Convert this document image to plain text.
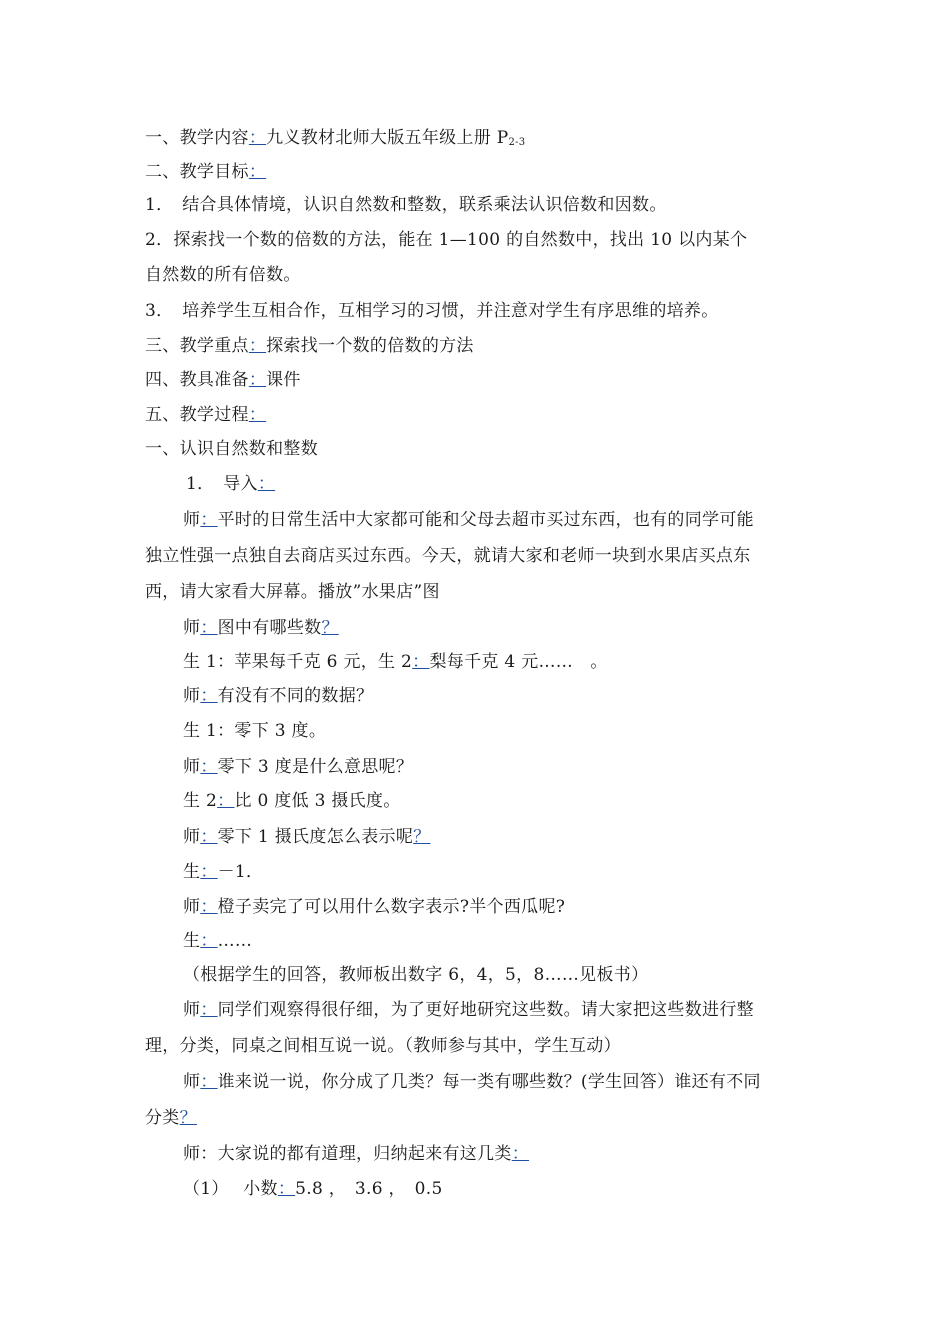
一、教学内容：九义教材北师大版五年级上册 $P_{2-3}$
二、教学目标：
1．　结合具体情境，认识自然数和整数，联系乘法认识倍数和因数。
2．探索找一个数的倍数的方法，能在 1—100 的自然数中，找出 10 以内某个
自然数的所有倍数。
3．　培养学生互相合作，互相学习的习惯，并注意对学生有序思维的培养。
三、教学重点：探索找一个数的倍数的方法
四、教具准备：课件
五、教学过程：
一、认识自然数和整数
1．　导入：
师：平时的日常生活中大家都可能和父母去超市买过东西，也有的同学可能
独立性强一点独自去商店买过东西。今天，就请大家和老师一块到水果店买点东
西，请大家看大屏幕。播放”水果店”图
师：图中有哪些数？
生 1：苹果每千克 6 元，生 2：梨每千克 4 元……　。
师：有没有不同的数据？
生 1：零下 3 度。
师：零下 3 度是什么意思呢？
生 2：比 0 度低 3 摄氏度。
师：零下 1 摄氏度怎么表示呢？
生：－1．
师：橙子卖完了可以用什么数字表示?半个西瓜呢?
生：……
（根据学生的回答，教师板出数字 6，4，5，8……见板书）
师：同学们观察得很仔细，为了更好地研究这些数。请大家把这些数进行整
理，分类，同桌之间相互说一说。（教师参与其中，学生互动）
师：谁来说一说，你分成了几类？每一类有哪些数？(学生回答）谁还有不同
分类？
师：大家说的都有道理，归纳起来有这几类：
（1）　 小数：5.8 ，　3.6 ，　0.5
